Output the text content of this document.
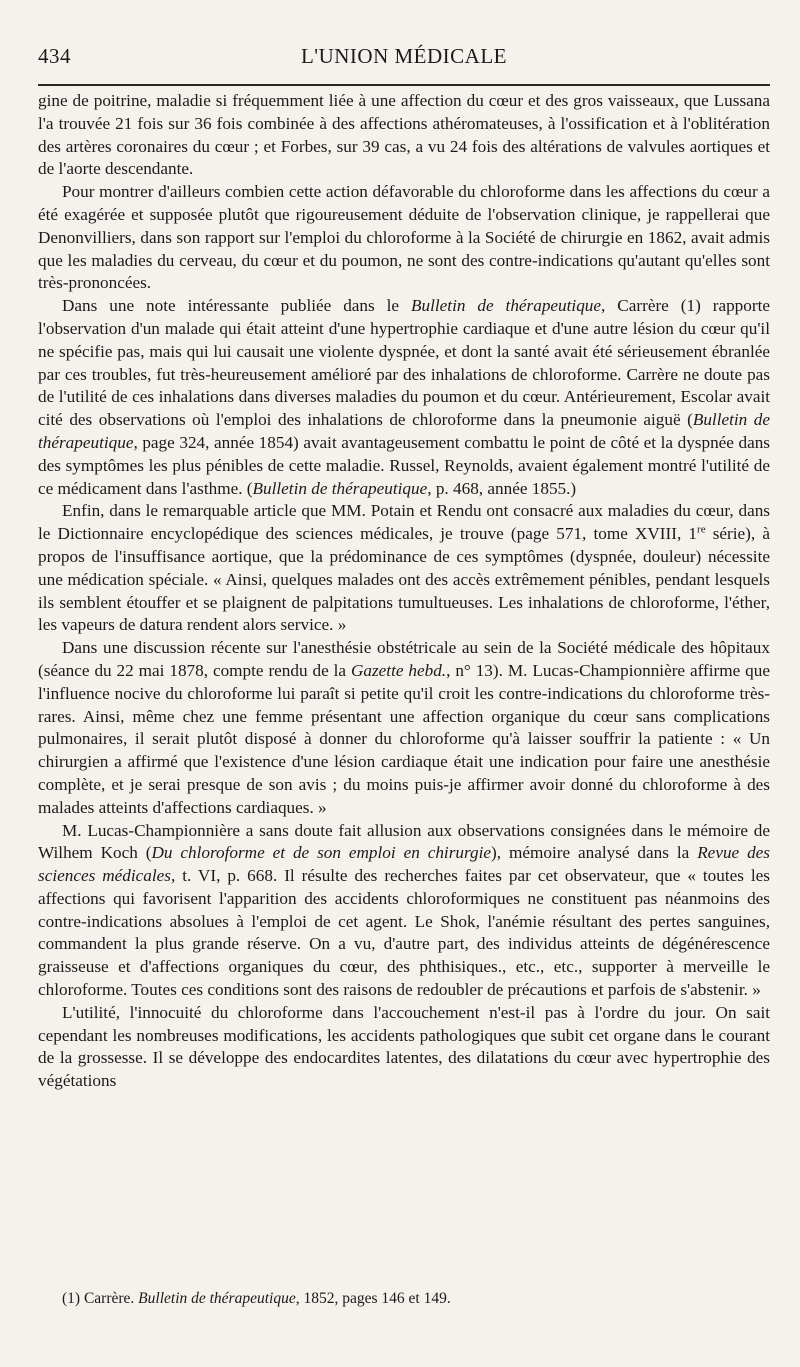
434	L'UNION MÉDICALE

gine de poitrine, maladie si fréquemment liée à une affection du cœur et des gros vaisseaux, que Lussana l'a trouvée 21 fois sur 36 fois combinée à des affections athéromateuses, à l'ossification et à l'oblitération des artères coronaires du cœur ; et Forbes, sur 39 cas, a vu 24 fois des altérations de valvules aortiques et de l'aorte descendante.

Pour montrer d'ailleurs combien cette action défavorable du chloroforme dans les affections du cœur a été exagérée et supposée plutôt que rigoureusement déduite de l'observation clinique, je rappellerai que Denonvilliers, dans son rapport sur l'emploi du chloroforme à la Société de chirurgie en 1862, avait admis que les maladies du cerveau, du cœur et du poumon, ne sont des contre-indications qu'autant qu'elles sont très-prononcées.

Dans une note intéressante publiée dans le Bulletin de thérapeutique, Carrère (1) rapporte l'observation d'un malade qui était atteint d'une hypertrophie cardiaque et d'une autre lésion du cœur qu'il ne spécifie pas, mais qui lui causait une violente dyspnée, et dont la santé avait été sérieusement ébranlée par ces troubles, fut très-heureusement amélioré par des inhalations de chloroforme. Carrère ne doute pas de l'utilité de ces inhalations dans diverses maladies du poumon et du cœur. Antérieurement, Escolar avait cité des observations où l'emploi des inhalations de chloroforme dans la pneumonie aiguë (Bulletin de thérapeutique, page 324, année 1854) avait avantageusement combattu le point de côté et la dyspnée dans des symptômes les plus pénibles de cette maladie. Russel, Reynolds, avaient également montré l'utilité de ce médicament dans l'asthme. (Bulletin de thérapeutique, p. 468, année 1855.)

Enfin, dans le remarquable article que MM. Potain et Rendu ont consacré aux maladies du cœur, dans le Dictionnaire encyclopédique des sciences médicales, je trouve (page 571, tome XVIII, 1re série), à propos de l'insuffisance aortique, que la prédominance de ces symptômes (dyspnée, douleur) nécessite une médication spéciale. « Ainsi, quelques malades ont des accès extrêmement pénibles, pendant lesquels ils semblent étouffer et se plaignent de palpitations tumultueuses. Les inhalations de chloroforme, l'éther, les vapeurs de datura rendent alors service. »

Dans une discussion récente sur l'anesthésie obstétricale au sein de la Société médicale des hôpitaux (séance du 22 mai 1878, compte rendu de la Gazette hebd., n° 13). M. Lucas-Championnière affirme que l'influence nocive du chloroforme lui paraît si petite qu'il croit les contre-indications du chloroforme très-rares. Ainsi, même chez une femme présentant une affection organique du cœur sans complications pulmonaires, il serait plutôt disposé à donner du chloroforme qu'à laisser souffrir la patiente : « Un chirurgien a affirmé que l'existence d'une lésion cardiaque était une indication pour faire une anesthésie complète, et je serai presque de son avis ; du moins puis-je affirmer avoir donné du chloroforme à des malades atteints d'affections cardiaques. »

M. Lucas-Championnière a sans doute fait allusion aux observations consignées dans le mémoire de Wilhem Koch (Du chloroforme et de son emploi en chirurgie), mémoire analysé dans la Revue des sciences médicales, t. VI, p. 668. Il résulte des recherches faites par cet observateur, que « toutes les affections qui favorisent l'apparition des accidents chloroformiques ne constituent pas néanmoins des contre-indications absolues à l'emploi de cet agent. Le Shok, l'anémie résultant des pertes sanguines, commandent la plus grande réserve. On a vu, d'autre part, des individus atteints de dégénérescence graisseuse et d'affections organiques du cœur, des phthisiques., etc., etc., supporter à merveille le chloroforme. Toutes ces conditions sont des raisons de redoubler de précautions et parfois de s'abstenir. »

L'utilité, l'innocuité du chloroforme dans l'accouchement n'est-il pas à l'ordre du jour. On sait cependant les nombreuses modifications, les accidents pathologiques que subit cet organe dans le courant de la grossesse. Il se développe des endocardites latentes, des dilatations du cœur avec hypertrophie des végétations

(1) Carrère. Bulletin de thérapeutique, 1852, pages 146 et 149.
